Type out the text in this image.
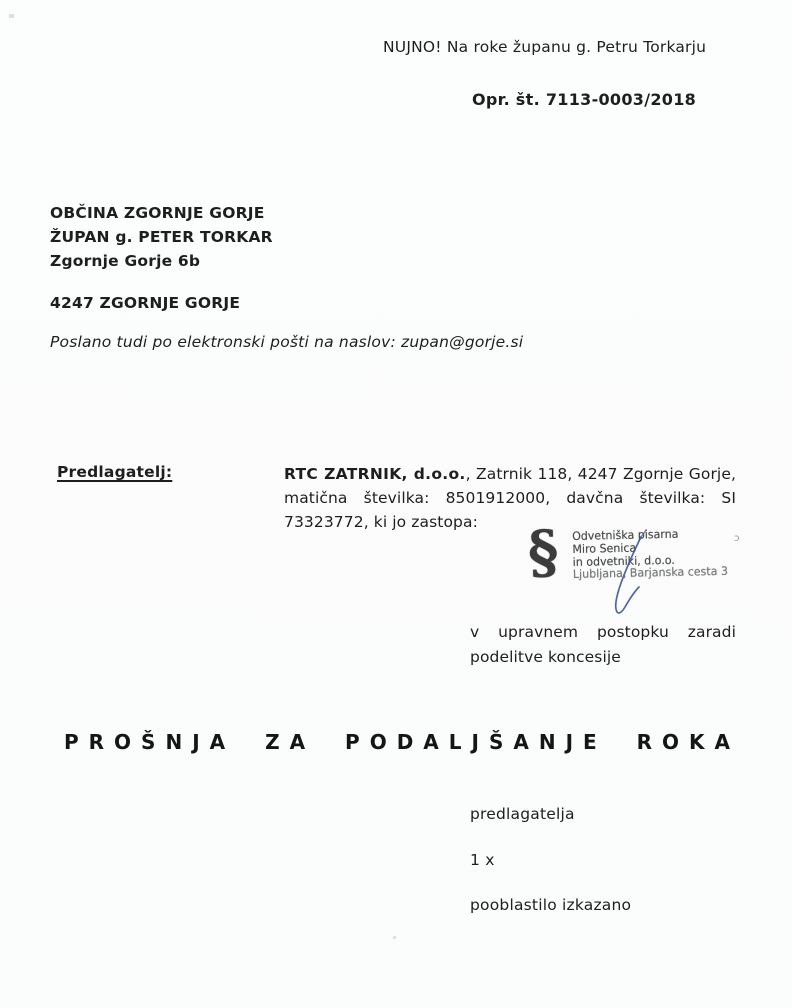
NUJNO! Na roke županu g. Petru Torkarju
Opr. št. 7113-0003/2018
OBČINA ZGORNJE GORJE
ŽUPAN g. PETER TORKAR
Zgornje Gorje 6b
4247 ZGORNJE GORJE
Poslano tudi po elektronski pošti na naslov: zupan@gorje.si
Predlagatelj:	RTC ZATRNIK, d.o.o., Zatrnik 118, 4247 Zgornje Gorje, matična številka: 8501912000, davčna številka: SI 73323772, ki jo zastopa: § Odvetniška pisarna
Miro Senica
in odvetniki, d.o.o.
Ljubljana, Barjanska cesta 3
ɔ
v upravnem postopku zaradi podelitve koncesije
PROŠNJA ZA PODALJŠANJE ROKA
predlagatelja
1 x
pooblastilo izkazano
